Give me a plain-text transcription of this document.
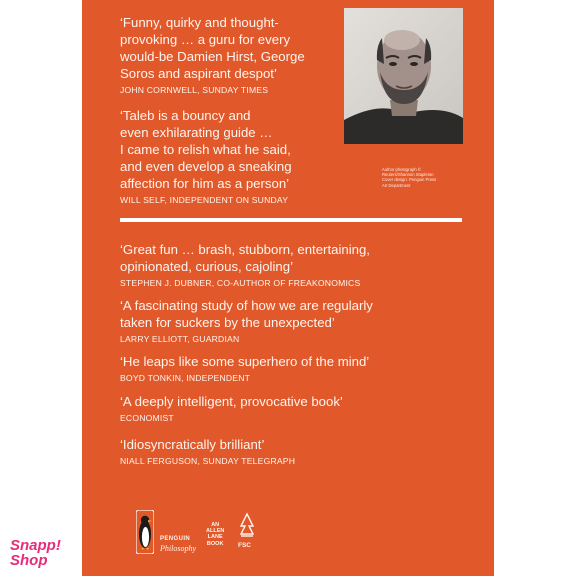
‘Funny, quirky and thought-
provoking … a guru for every
would-be Damien Hirst, George
Soros and aspirant despot’
JOHN CORNWELL, SUNDAY TIMES
‘Taleb is a bouncy and
even exhilarating guide …
I came to relish what he said,
and even develop a sneaking
affection for him as a person’
WILL SELF, INDEPENDENT ON SUNDAY
Author photograph ©
Reuters/Shannon Stapleton
Cover design: Penguin Press
Art Department
‘Great fun … brash, stubborn, entertaining,
opinionated, curious, cajoling’
STEPHEN J. DUBNER, CO-AUTHOR OF FREAKONOMICS
‘A fascinating study of how we are regularly
taken for suckers by the unexpected’
LARRY ELLIOTT, GUARDIAN
‘He leaps like some superhero of the mind’
BOYD TONKIN, INDEPENDENT
‘A deeply intelligent, provocative book’
ECONOMIST
‘Idiosyncratically brilliant’
NIALL FERGUSON, SUNDAY TELEGRAPH
PENGUIN
Philosophy
AN
ALLEN
LANE
BOOK FSC
Snapp!
Shop
